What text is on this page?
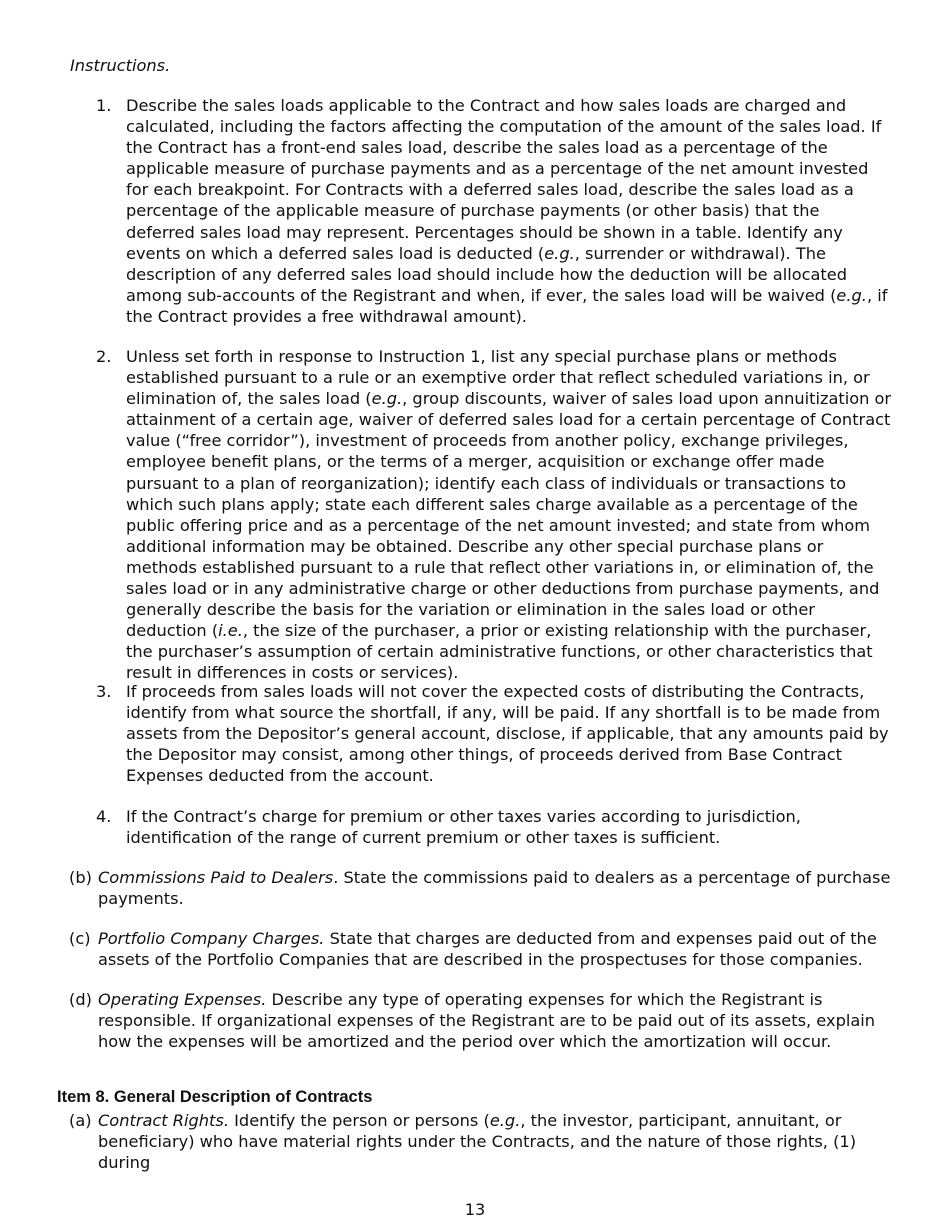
Instructions.

1. Describe the sales loads applicable to the Contract and how sales loads are charged and calculated, including the factors affecting the computation of the amount of the sales load. If the Contract has a front-end sales load, describe the sales load as a percentage of the applicable measure of purchase payments and as a percentage of the net amount invested for each breakpoint. For Contracts with a deferred sales load, describe the sales load as a percentage of the applicable measure of purchase payments (or other basis) that the deferred sales load may represent. Percentages should be shown in a table. Identify any events on which a deferred sales load is deducted (e.g., surrender or withdrawal). The description of any deferred sales load should include how the deduction will be allocated among sub-accounts of the Registrant and when, if ever, the sales load will be waived (e.g., if the Contract provides a free withdrawal amount).

2. Unless set forth in response to Instruction 1, list any special purchase plans or methods established pursuant to a rule or an exemptive order that reflect scheduled variations in, or elimination of, the sales load (e.g., group discounts, waiver of sales load upon annuitization or attainment of a certain age, waiver of deferred sales load for a certain percentage of Contract value (“free corridor”), investment of proceeds from another policy, exchange privileges, employee benefit plans, or the terms of a merger, acquisition or exchange offer made pursuant to a plan of reorganization); identify each class of individuals or transactions to which such plans apply; state each different sales charge available as a percentage of the public offering price and as a percentage of the net amount invested; and state from whom additional information may be obtained. Describe any other special purchase plans or methods established pursuant to a rule that reflect other variations in, or elimination of, the sales load or in any administrative charge or other deductions from purchase payments, and generally describe the basis for the variation or elimination in the sales load or other deduction (i.e., the size of the purchaser, a prior or existing relationship with the purchaser, the purchaser’s assumption of certain administrative functions, or other characteristics that result in differences in costs or services).

3. If proceeds from sales loads will not cover the expected costs of distributing the Contracts, identify from what source the shortfall, if any, will be paid. If any shortfall is to be made from assets from the Depositor’s general account, disclose, if applicable, that any amounts paid by the Depositor may consist, among other things, of proceeds derived from Base Contract Expenses deducted from the account.

4. If the Contract’s charge for premium or other taxes varies according to jurisdiction, identification of the range of current premium or other taxes is sufficient.

(b) Commissions Paid to Dealers. State the commissions paid to dealers as a percentage of purchase payments.

(c) Portfolio Company Charges. State that charges are deducted from and expenses paid out of the assets of the Portfolio Companies that are described in the prospectuses for those companies.

(d) Operating Expenses. Describe any type of operating expenses for which the Registrant is responsible. If organizational expenses of the Registrant are to be paid out of its assets, explain how the expenses will be amortized and the period over which the amortization will occur.

Item 8. General Description of Contracts

(a) Contract Rights. Identify the person or persons (e.g., the investor, participant, annuitant, or beneficiary) who have material rights under the Contracts, and the nature of those rights, (1) during

13
